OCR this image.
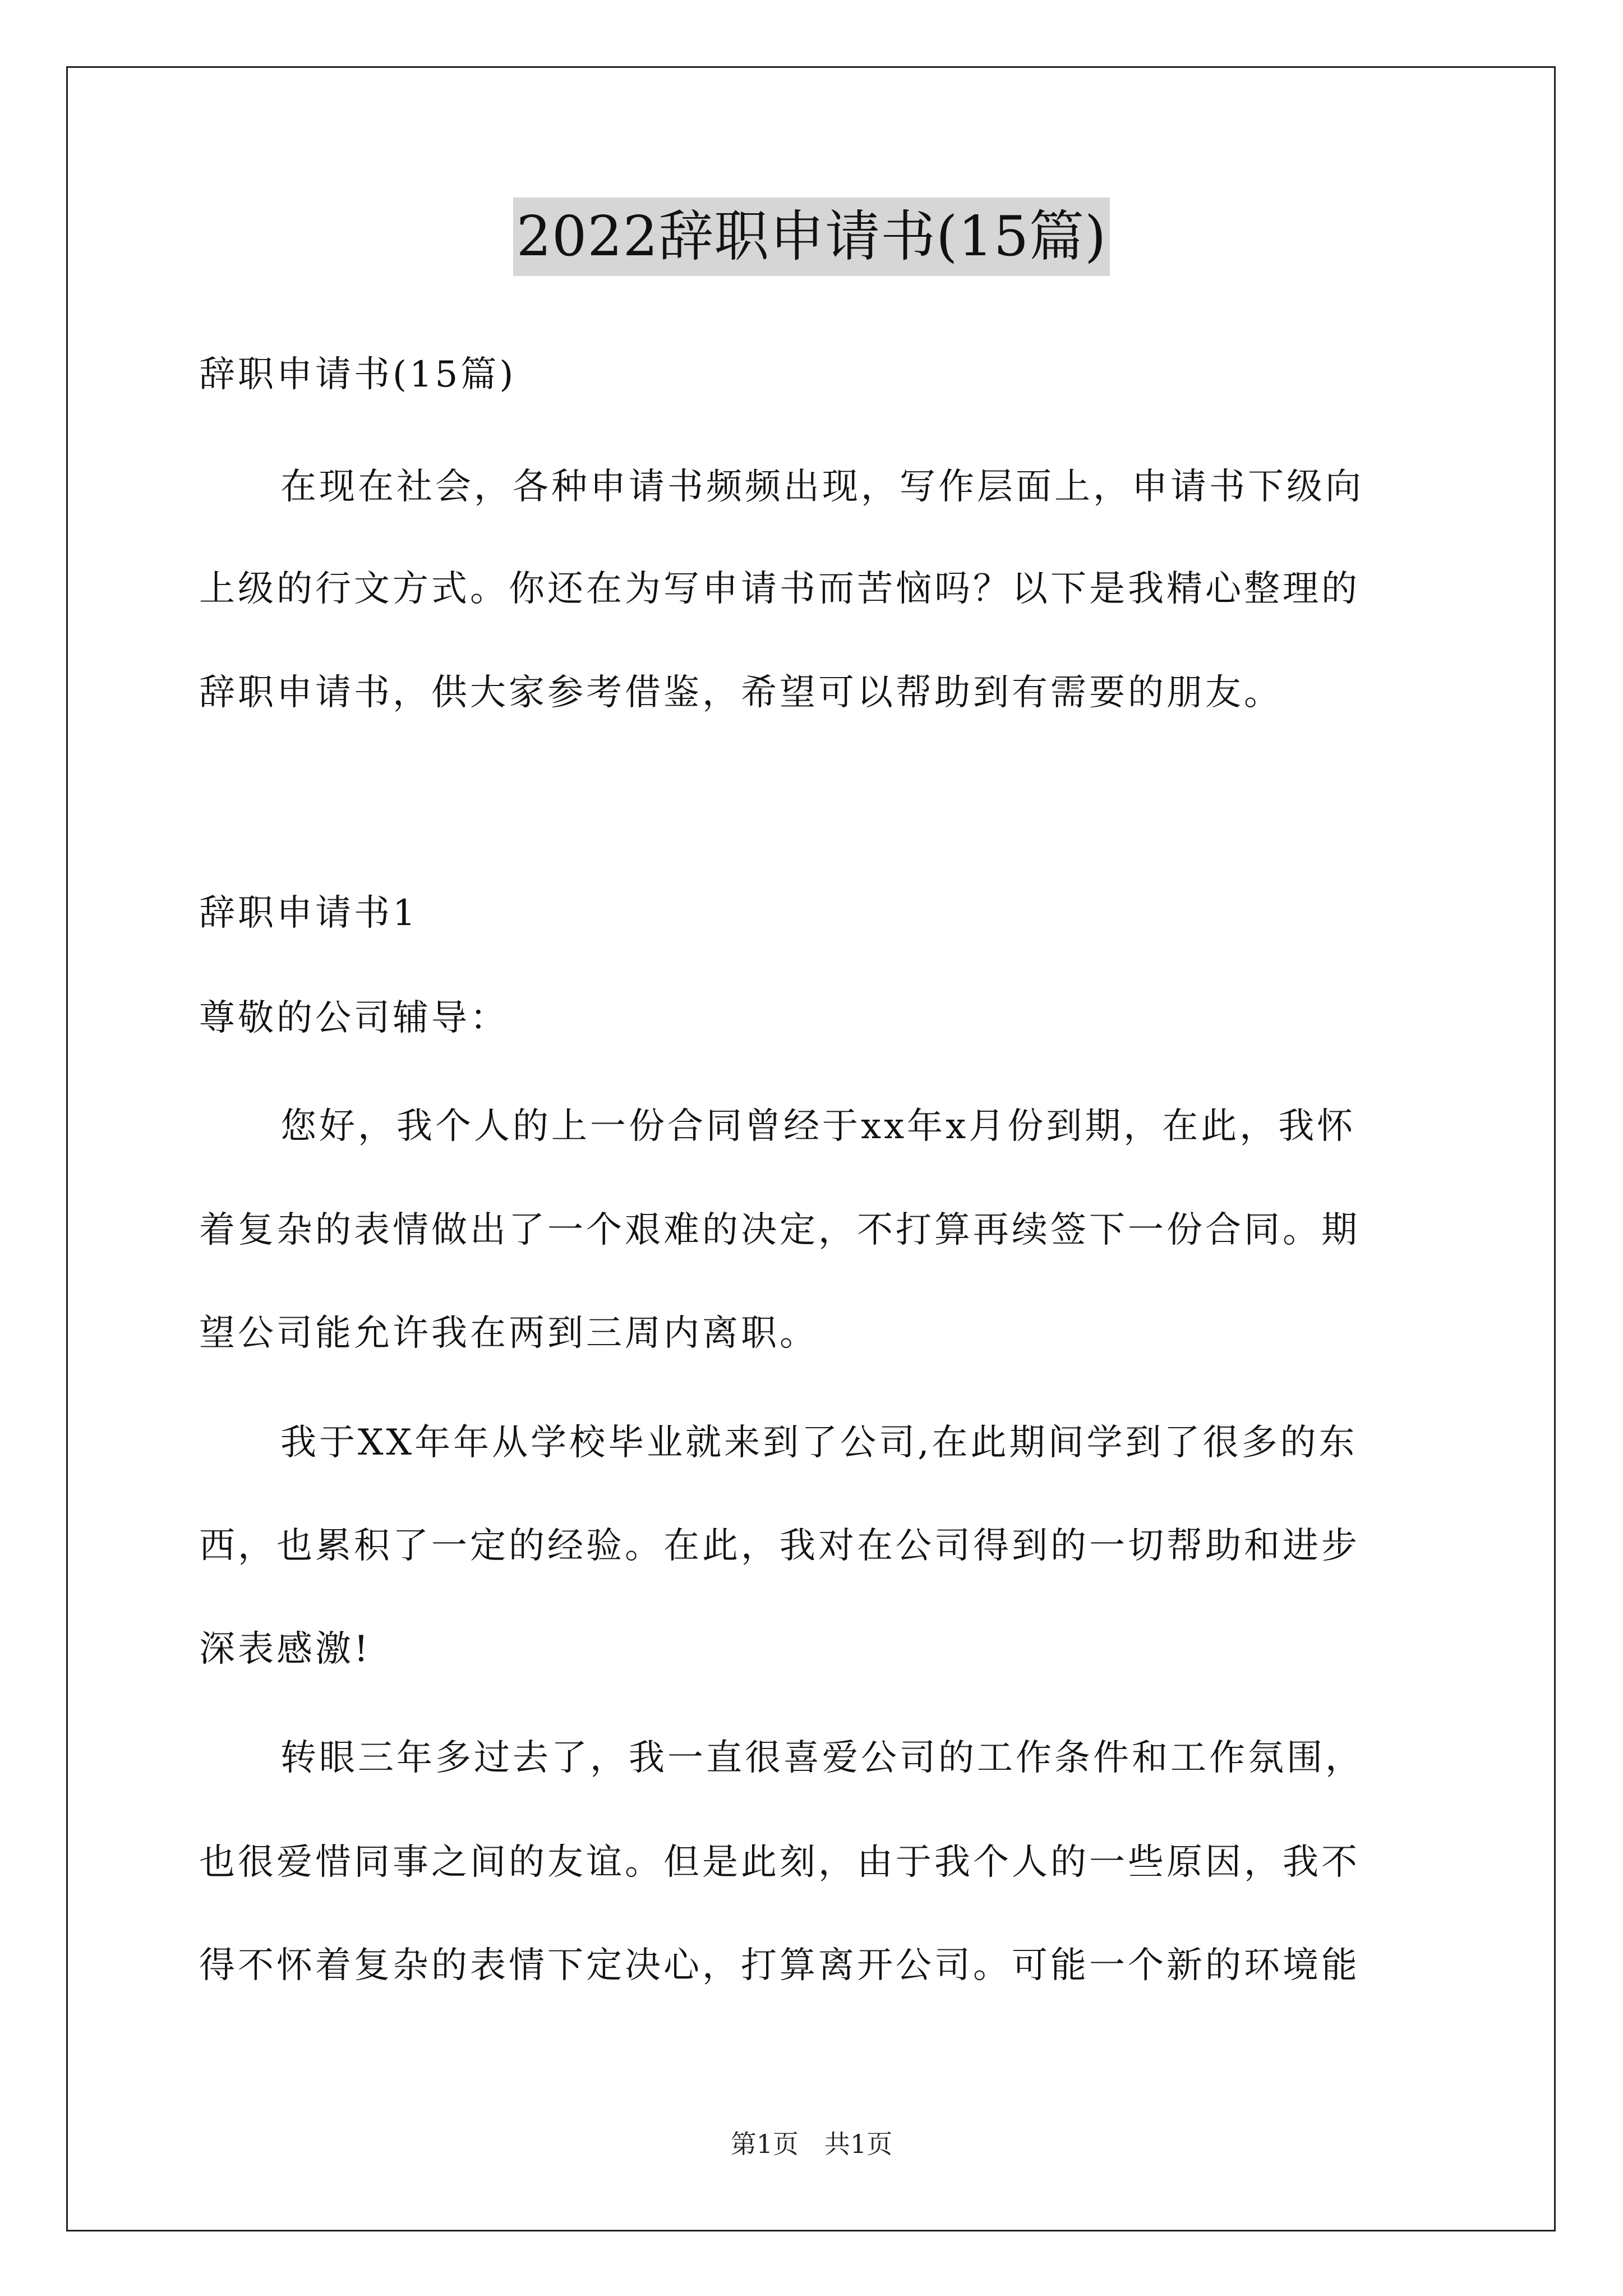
2022辞职申请书(15篇)
辞职申请书(15篇)
在现在社会，各种申请书频频出现，写作层面上，申请书下级向
上级的行文方式。你还在为写申请书而苦恼吗？以下是我精心整理的
辞职申请书，供大家参考借鉴，希望可以帮助到有需要的朋友。
辞职申请书1
尊敬的公司辅导：
您好，我个人的上一份合同曾经于xx年x月份到期，在此，我怀
着复杂的表情做出了一个艰难的决定，不打算再续签下一份合同。期
望公司能允许我在两到三周内离职。
我于XX年年从学校毕业就来到了公司,在此期间学到了很多的东
西，也累积了一定的经验。在此，我对在公司得到的一切帮助和进步
深表感激!
转眼三年多过去了，我一直很喜爱公司的工作条件和工作氛围，
也很爱惜同事之间的友谊。但是此刻，由于我个人的一些原因，我不
得不怀着复杂的表情下定决心，打算离开公司。可能一个新的环境能
第1页　共1页
